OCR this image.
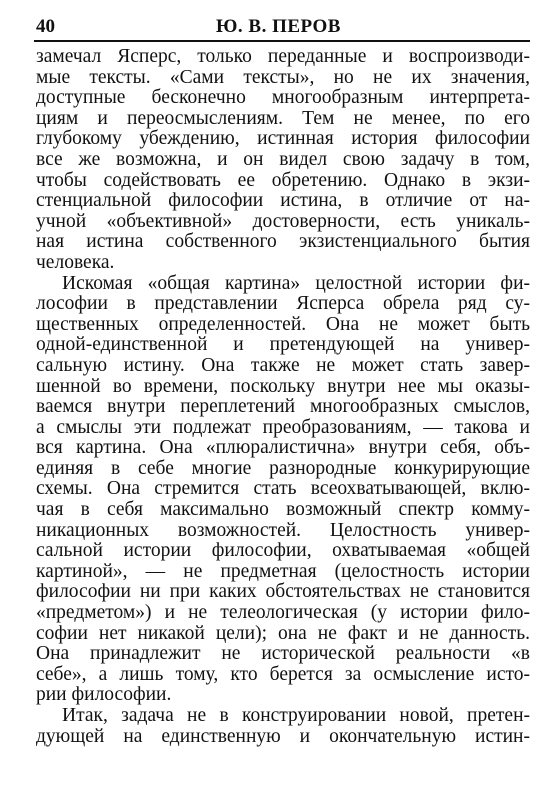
40	Ю. В. ПЕРОВ
замечал Ясперс, только переданные и воспроизводи-
мые тексты. «Сами тексты», но не их значения,
доступные бесконечно многообразным интерпрета-
циям и переосмыслениям. Тем не менее, по его
глубокому убеждению, истинная история философии
все же возможна, и он видел свою задачу в том,
чтобы содействовать ее обретению. Однако в экзи-
стенциальной философии истина, в отличие от на-
учной «объективной» достоверности, есть уникаль-
ная истина собственного экзистенциального бытия
человека.
Искомая «общая картина» целостной истории фи-
лософии в представлении Ясперса обрела ряд су-
щественных определенностей. Она не может быть
одной-единственной и претендующей на универ-
сальную истину. Она также не может стать завер-
шенной во времени, поскольку внутри нее мы оказы-
ваемся внутри переплетений многообразных смыслов,
а смыслы эти подлежат преобразованиям, — такова и
вся картина. Она «плюралистична» внутри себя, объ-
единяя в себе многие разнородные конкурирующие
схемы. Она стремится стать всеохватывающей, вклю-
чая в себя максимально возможный спектр комму-
никационных возможностей. Целостность универ-
сальной истории философии, охватываемая «общей
картиной», — не предметная (целостность истории
философии ни при каких обстоятельствах не становится
«предметом») и не телеологическая (у истории фило-
софии нет никакой цели); она не факт и не данность.
Она принадлежит не исторической реальности «в
себе», а лишь тому, кто берется за осмысление исто-
рии философии.
Итак, задача не в конструировании новой, претен-
дующей на единственную и окончательную истин-
